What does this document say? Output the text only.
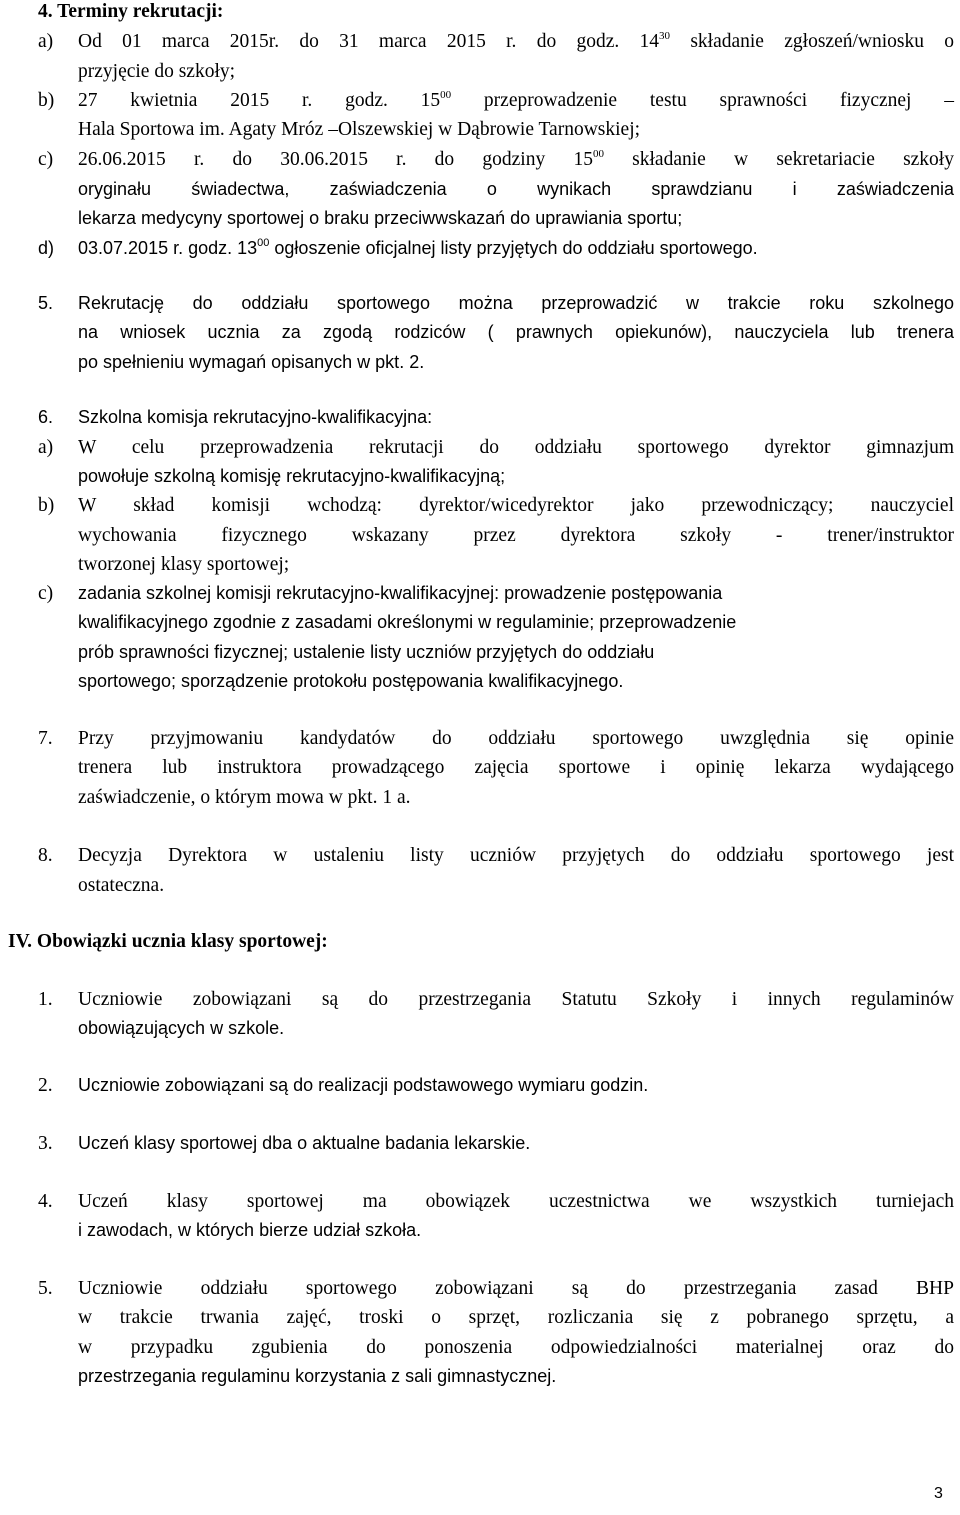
4. Terminy rekrutacji:
a) Od 01 marca 2015r. do 31 marca 2015 r. do godz. $14^{30}$ składanie zgłoszeń/wniosku o
przyjęcie do szkoły;
b) 27 kwietnia 2015 r. godz. $15^{00}$ przeprowadzenie testu sprawności fizycznej –
Hala Sportowa im. Agaty Mróz –Olszewskiej w Dąbrowie Tarnowskiej;
c) 26.06.2015 r. do 30.06.2015 r. do godziny $15^{00}$ składanie w sekretariacie szkoły
oryginału świadectwa, zaświadczenia o wynikach sprawdzianu i zaświadczenia
lekarza medycyny sportowej o braku przeciwwskazań do uprawiania sportu;
d) 03.07.2015 r. godz. $13^{00}$ ogłoszenie oficjalnej listy przyjętych do oddziału sportowego.
5. Rekrutację do oddziału sportowego można przeprowadzić w trakcie roku szkolnego
na wniosek ucznia za zgodą rodziców ( prawnych opiekunów), nauczyciela lub trenera
po spełnieniu wymagań opisanych w pkt. 2.
6. Szkolna komisja rekrutacyjno-kwalifikacyjna:
a) W celu przeprowadzenia rekrutacji do oddziału sportowego dyrektor gimnazjum
powołuje szkolną komisję rekrutacyjno-kwalifikacyjną;
b) W skład komisji wchodzą: dyrektor/wicedyrektor jako przewodniczący; nauczyciel
wychowania fizycznego wskazany przez dyrektora szkoły - trener/instruktor
tworzonej klasy sportowej;
c) zadania szkolnej komisji rekrutacyjno-kwalifikacyjnej: prowadzenie postępowania
kwalifikacyjnego zgodnie z zasadami określonymi w regulaminie; przeprowadzenie
prób sprawności fizycznej; ustalenie listy uczniów przyjętych do oddziału
sportowego; sporządzenie protokołu postępowania kwalifikacyjnego.
7. Przy przyjmowaniu kandydatów do oddziału sportowego uwzględnia się opinie
trenera lub instruktora prowadzącego zajęcia sportowe i opinię lekarza wydającego
zaświadczenie, o którym mowa w pkt. 1 a.
8. Decyzja Dyrektora w ustaleniu listy uczniów przyjętych do oddziału sportowego jest
ostateczna.
IV. Obowiązki ucznia klasy sportowej:
1. Uczniowie zobowiązani są do przestrzegania Statutu Szkoły i innych regulaminów
obowiązujących w szkole.
2. Uczniowie zobowiązani są do realizacji podstawowego wymiaru godzin.
3. Uczeń klasy sportowej dba o aktualne badania lekarskie.
4. Uczeń klasy sportowej ma obowiązek uczestnictwa we wszystkich turniejach
i zawodach, w których bierze udział szkoła.
5. Uczniowie oddziału sportowego zobowiązani są do przestrzegania zasad BHP
w trakcie trwania zajęć, troski o sprzęt, rozliczania się z pobranego sprzętu, a
w przypadku zgubienia do ponoszenia odpowiedzialności materialnej oraz do
przestrzegania regulaminu korzystania z sali gimnastycznej.
3
